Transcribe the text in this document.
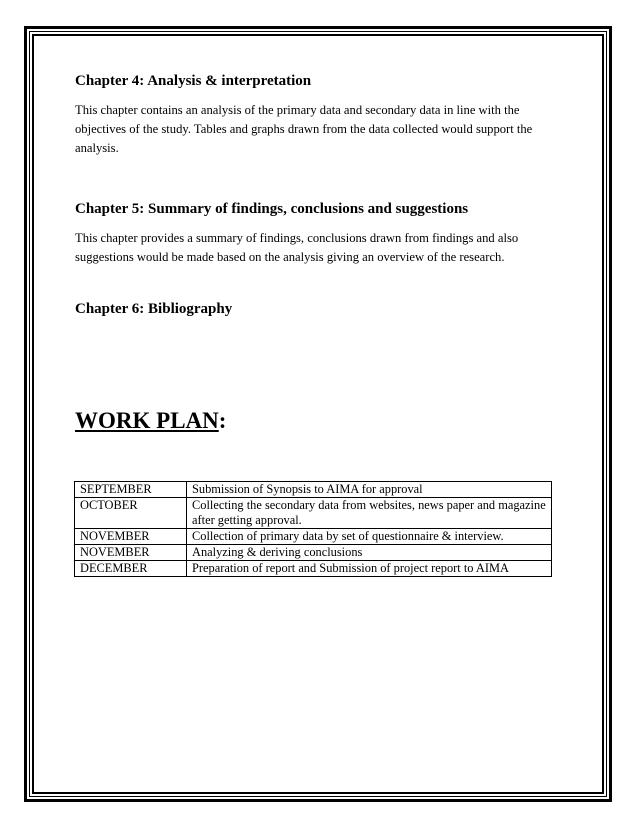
Chapter 4: Analysis & interpretation
This chapter contains an analysis of the primary data and secondary data in line with the objectives of the study. Tables and graphs drawn from the data collected would support the analysis.
Chapter 5: Summary of findings, conclusions and suggestions
This chapter provides a summary of findings, conclusions drawn from findings and also suggestions would be made based on the analysis giving an overview of the research.
Chapter 6: Bibliography
WORK PLAN:
SEPTEMBER	Submission of Synopsis to AIMA for approval
OCTOBER	Collecting the secondary data from websites, news paper and magazine after getting approval.
NOVEMBER	Collection of primary data by set of questionnaire & interview.
NOVEMBER	Analyzing & deriving conclusions
DECEMBER	Preparation of report and Submission of project report to AIMA
